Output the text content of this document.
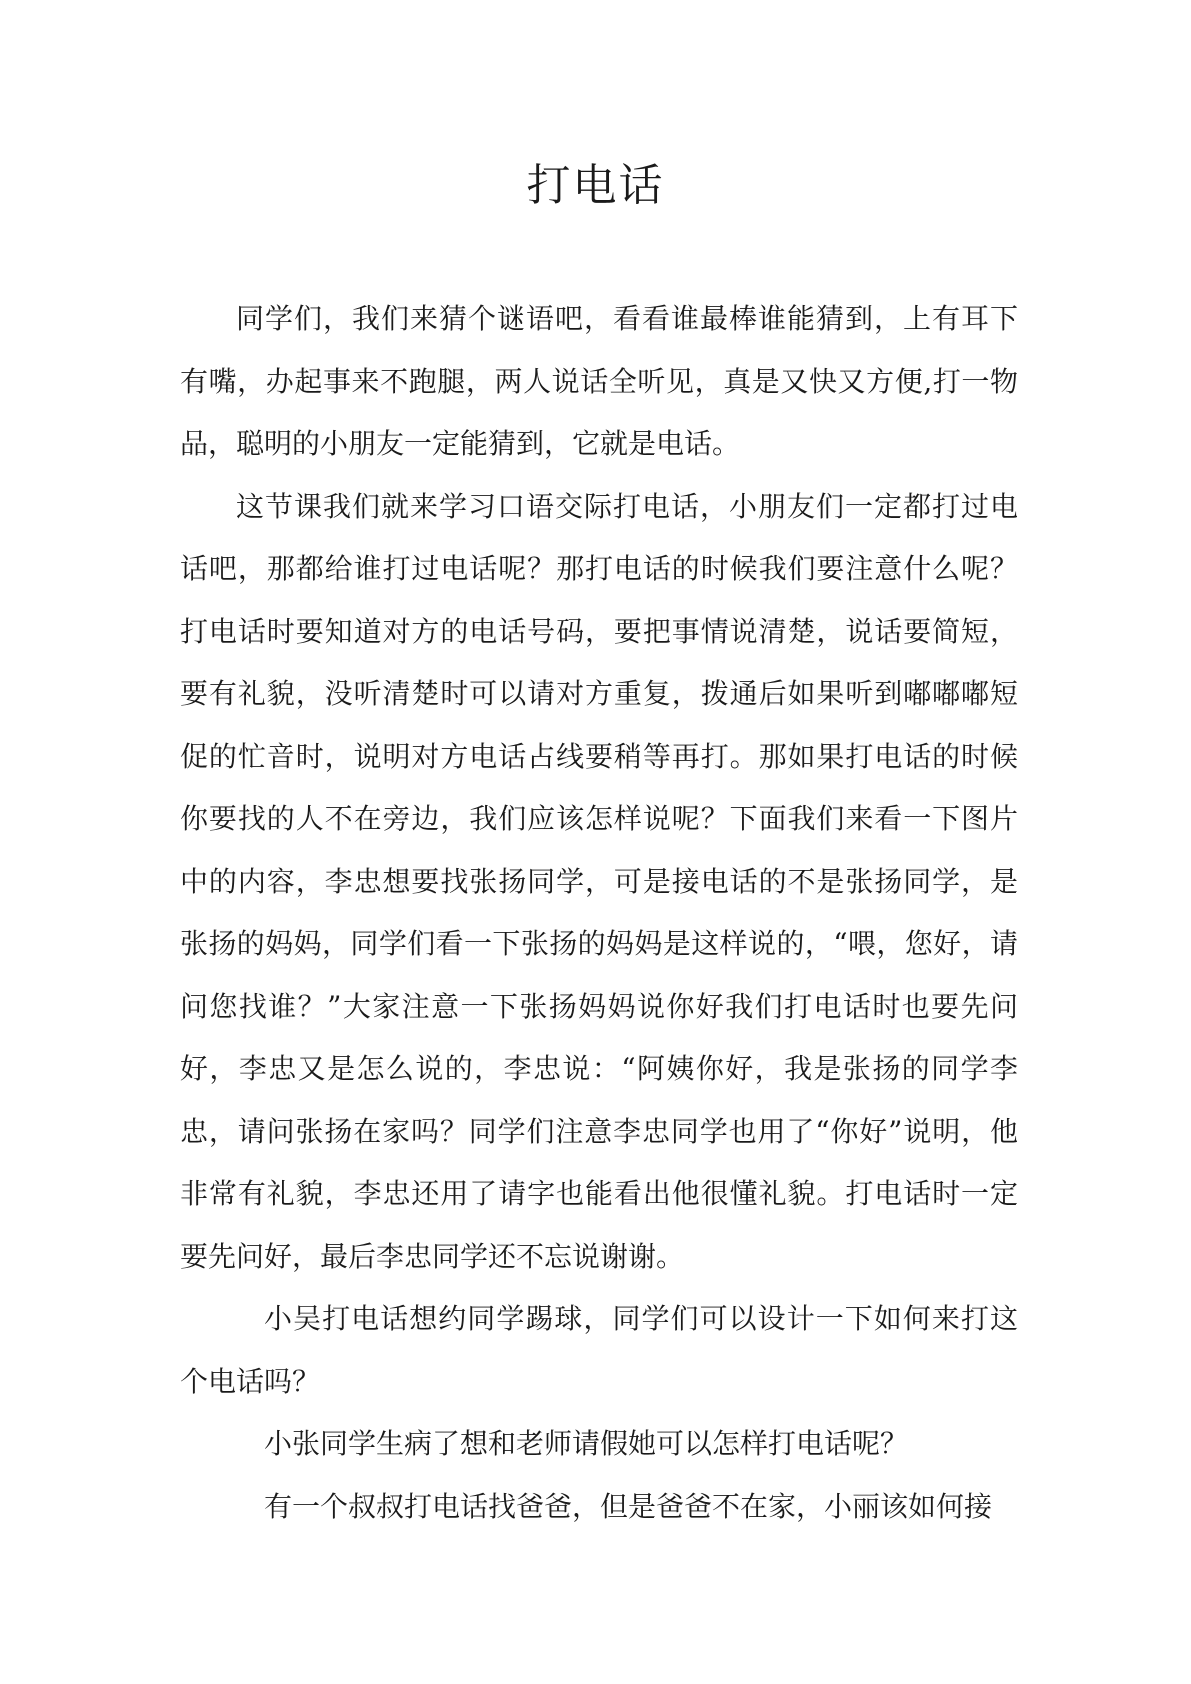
打电话

同学们，我们来猜个谜语吧，看看谁最棒谁能猜到，上有耳下有嘴，办起事来不跑腿，两人说话全听见，真是又快又方便,打一物品，聪明的小朋友一定能猜到，它就是电话。

这节课我们就来学习口语交际打电话，小朋友们一定都打过电话吧，那都给谁打过电话呢？那打电话的时候我们要注意什么呢？打电话时要知道对方的电话号码，要把事情说清楚，说话要简短，要有礼貌，没听清楚时可以请对方重复，拨通后如果听到嘟嘟嘟短促的忙音时，说明对方电话占线要稍等再打。那如果打电话的时候你要找的人不在旁边，我们应该怎样说呢？下面我们来看一下图片中的内容，李忠想要找张扬同学，可是接电话的不是张扬同学，是张扬的妈妈，同学们看一下张扬的妈妈是这样说的，“喂，您好，请问您找谁？”大家注意一下张扬妈妈说你好我们打电话时也要先问好，李忠又是怎么说的，李忠说：“阿姨你好，我是张扬的同学李忠，请问张扬在家吗？同学们注意李忠同学也用了“你好”说明，他非常有礼貌，李忠还用了请字也能看出他很懂礼貌。打电话时一定要先问好，最后李忠同学还不忘说谢谢。

小吴打电话想约同学踢球，同学们可以设计一下如何来打这个电话吗？

小张同学生病了想和老师请假她可以怎样打电话呢？

有一个叔叔打电话找爸爸，但是爸爸不在家，小丽该如何接
